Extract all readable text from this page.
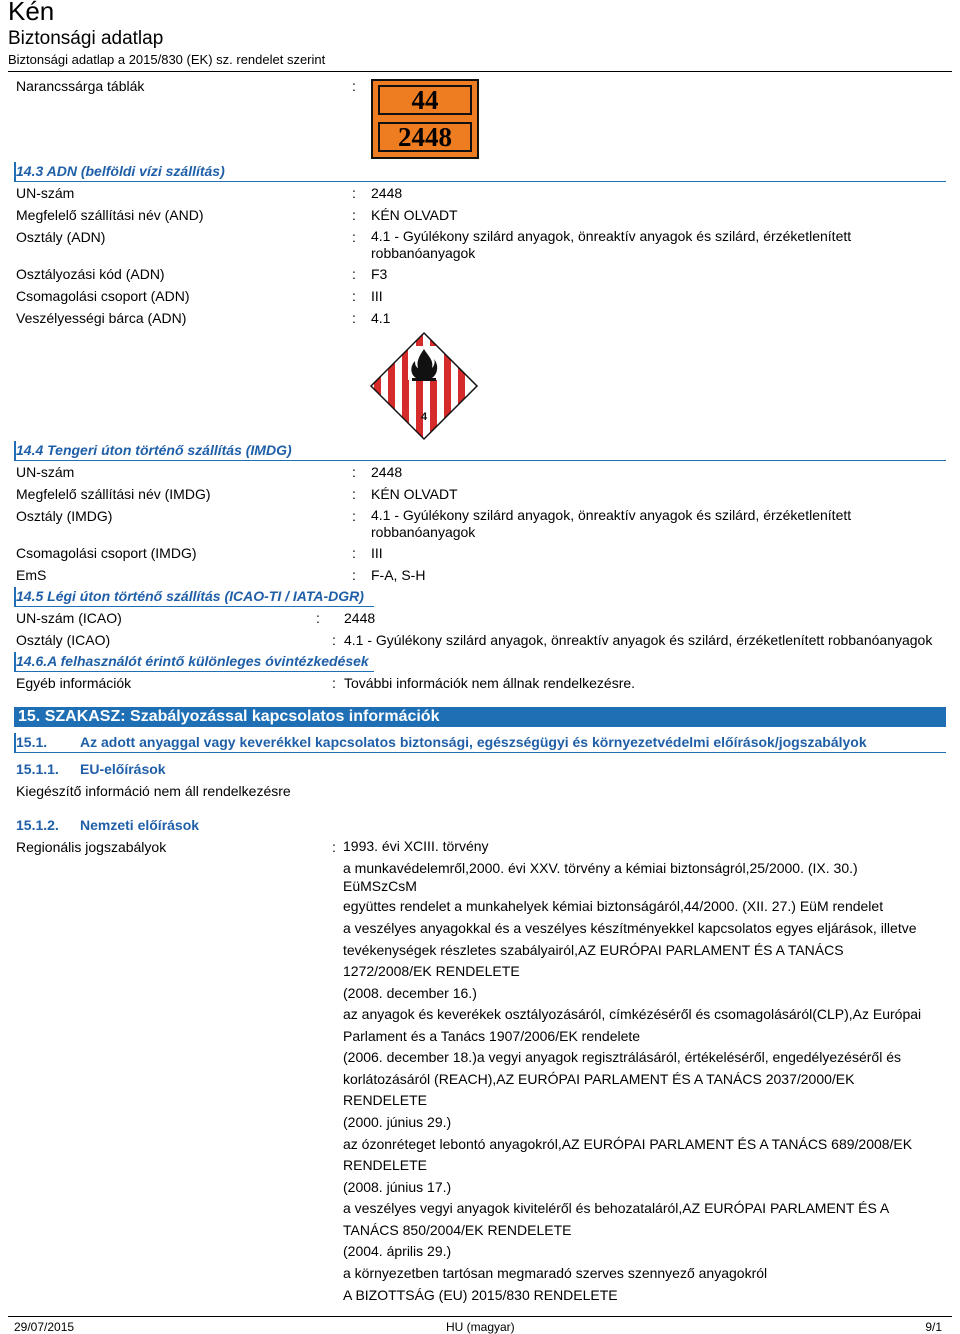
Kén
Biztonsági adatlap
Biztonsági adatlap a 2015/830 (EK) sz. rendelet szerint
Narancssárga táblák	:	44
2448
14.3 ADN (belföldi vízi szállítás)
UN-szám	: 2448
Megfelelő szállítási név (AND)	: KÉN OLVADT
Osztály (ADN)	: 4.1 - Gyúlékony szilárd anyagok, önreaktív anyagok és szilárd, érzéketlenített robbanóanyagok
Osztályozási kód (ADN)	: F3
Csomagolási csoport (ADN)	: III
Veszélyességi bárca (ADN)	: 4.1
4
14.4 Tengeri úton történő szállítás (IMDG)
UN-szám	: 2448
Megfelelő szállítási név (IMDG)	: KÉN OLVADT
Osztály (IMDG)	: 4.1 - Gyúlékony szilárd anyagok, önreaktív anyagok és szilárd, érzéketlenített robbanóanyagok
Csomagolási csoport (IMDG)	: III
EmS	: F-A, S-H
14.5 Légi úton történő szállítás (ICAO-TI / IATA-DGR)
UN-szám (ICAO)	: 2448
Osztály (ICAO)	: 4.1 - Gyúlékony szilárd anyagok, önreaktív anyagok és szilárd, érzéketlenített robbanóanyagok
14.6.A felhasználót érintő különleges óvintézkedések
Egyéb információk	: További információk nem állnak rendelkezésre.
15. SZAKASZ: Szabályozással kapcsolatos információk
15.1. Az adott anyaggal vagy keverékkel kapcsolatos biztonsági, egészségügyi és környezetvédelmi előírások/jogszabályok
15.1.1. EU-előírások
Kiegészítő információ nem áll rendelkezésre
15.1.2. Nemzeti előírások
Regionális jogszabályok	: 1993. évi XCIII. törvény
a munkavédelemről,2000. évi XXV. törvény a kémiai biztonságról,25/2000. (IX. 30.)
EüMSzCsM
együttes rendelet a munkahelyek kémiai biztonságáról,44/2000. (XII. 27.) EüM rendelet
a veszélyes anyagokkal és a veszélyes készítményekkel kapcsolatos egyes eljárások, illetve
tevékenységek részletes szabályairól,AZ EURÓPAI PARLAMENT ÉS A TANÁCS
1272/2008/EK RENDELETE
(2008. december 16.)
az anyagok és keverékek osztályozásáról, címkézéséről és csomagolásáról(CLP),Az Európai
Parlament és a Tanács 1907/2006/EK rendelete
(2006. december 18.)a vegyi anyagok regisztrálásáról, értékeléséről, engedélyezéséről és
korlátozásáról (REACH),AZ EURÓPAI PARLAMENT ÉS A TANÁCS 2037/2000/EK
RENDELETE
(2000. június 29.)
az ózonréteget lebontó anyagokról,AZ EURÓPAI PARLAMENT ÉS A TANÁCS 689/2008/EK
RENDELETE
(2008. június 17.)
a veszélyes vegyi anyagok kiviteléről és behozataláról,AZ EURÓPAI PARLAMENT ÉS A
TANÁCS 850/2004/EK RENDELETE
(2004. április 29.)
a környezetben tartósan megmaradó szerves szennyező anyagokról
A BIZOTTSÁG (EU) 2015/830 RENDELETE
29/07/2015	HU (magyar)	9/1
